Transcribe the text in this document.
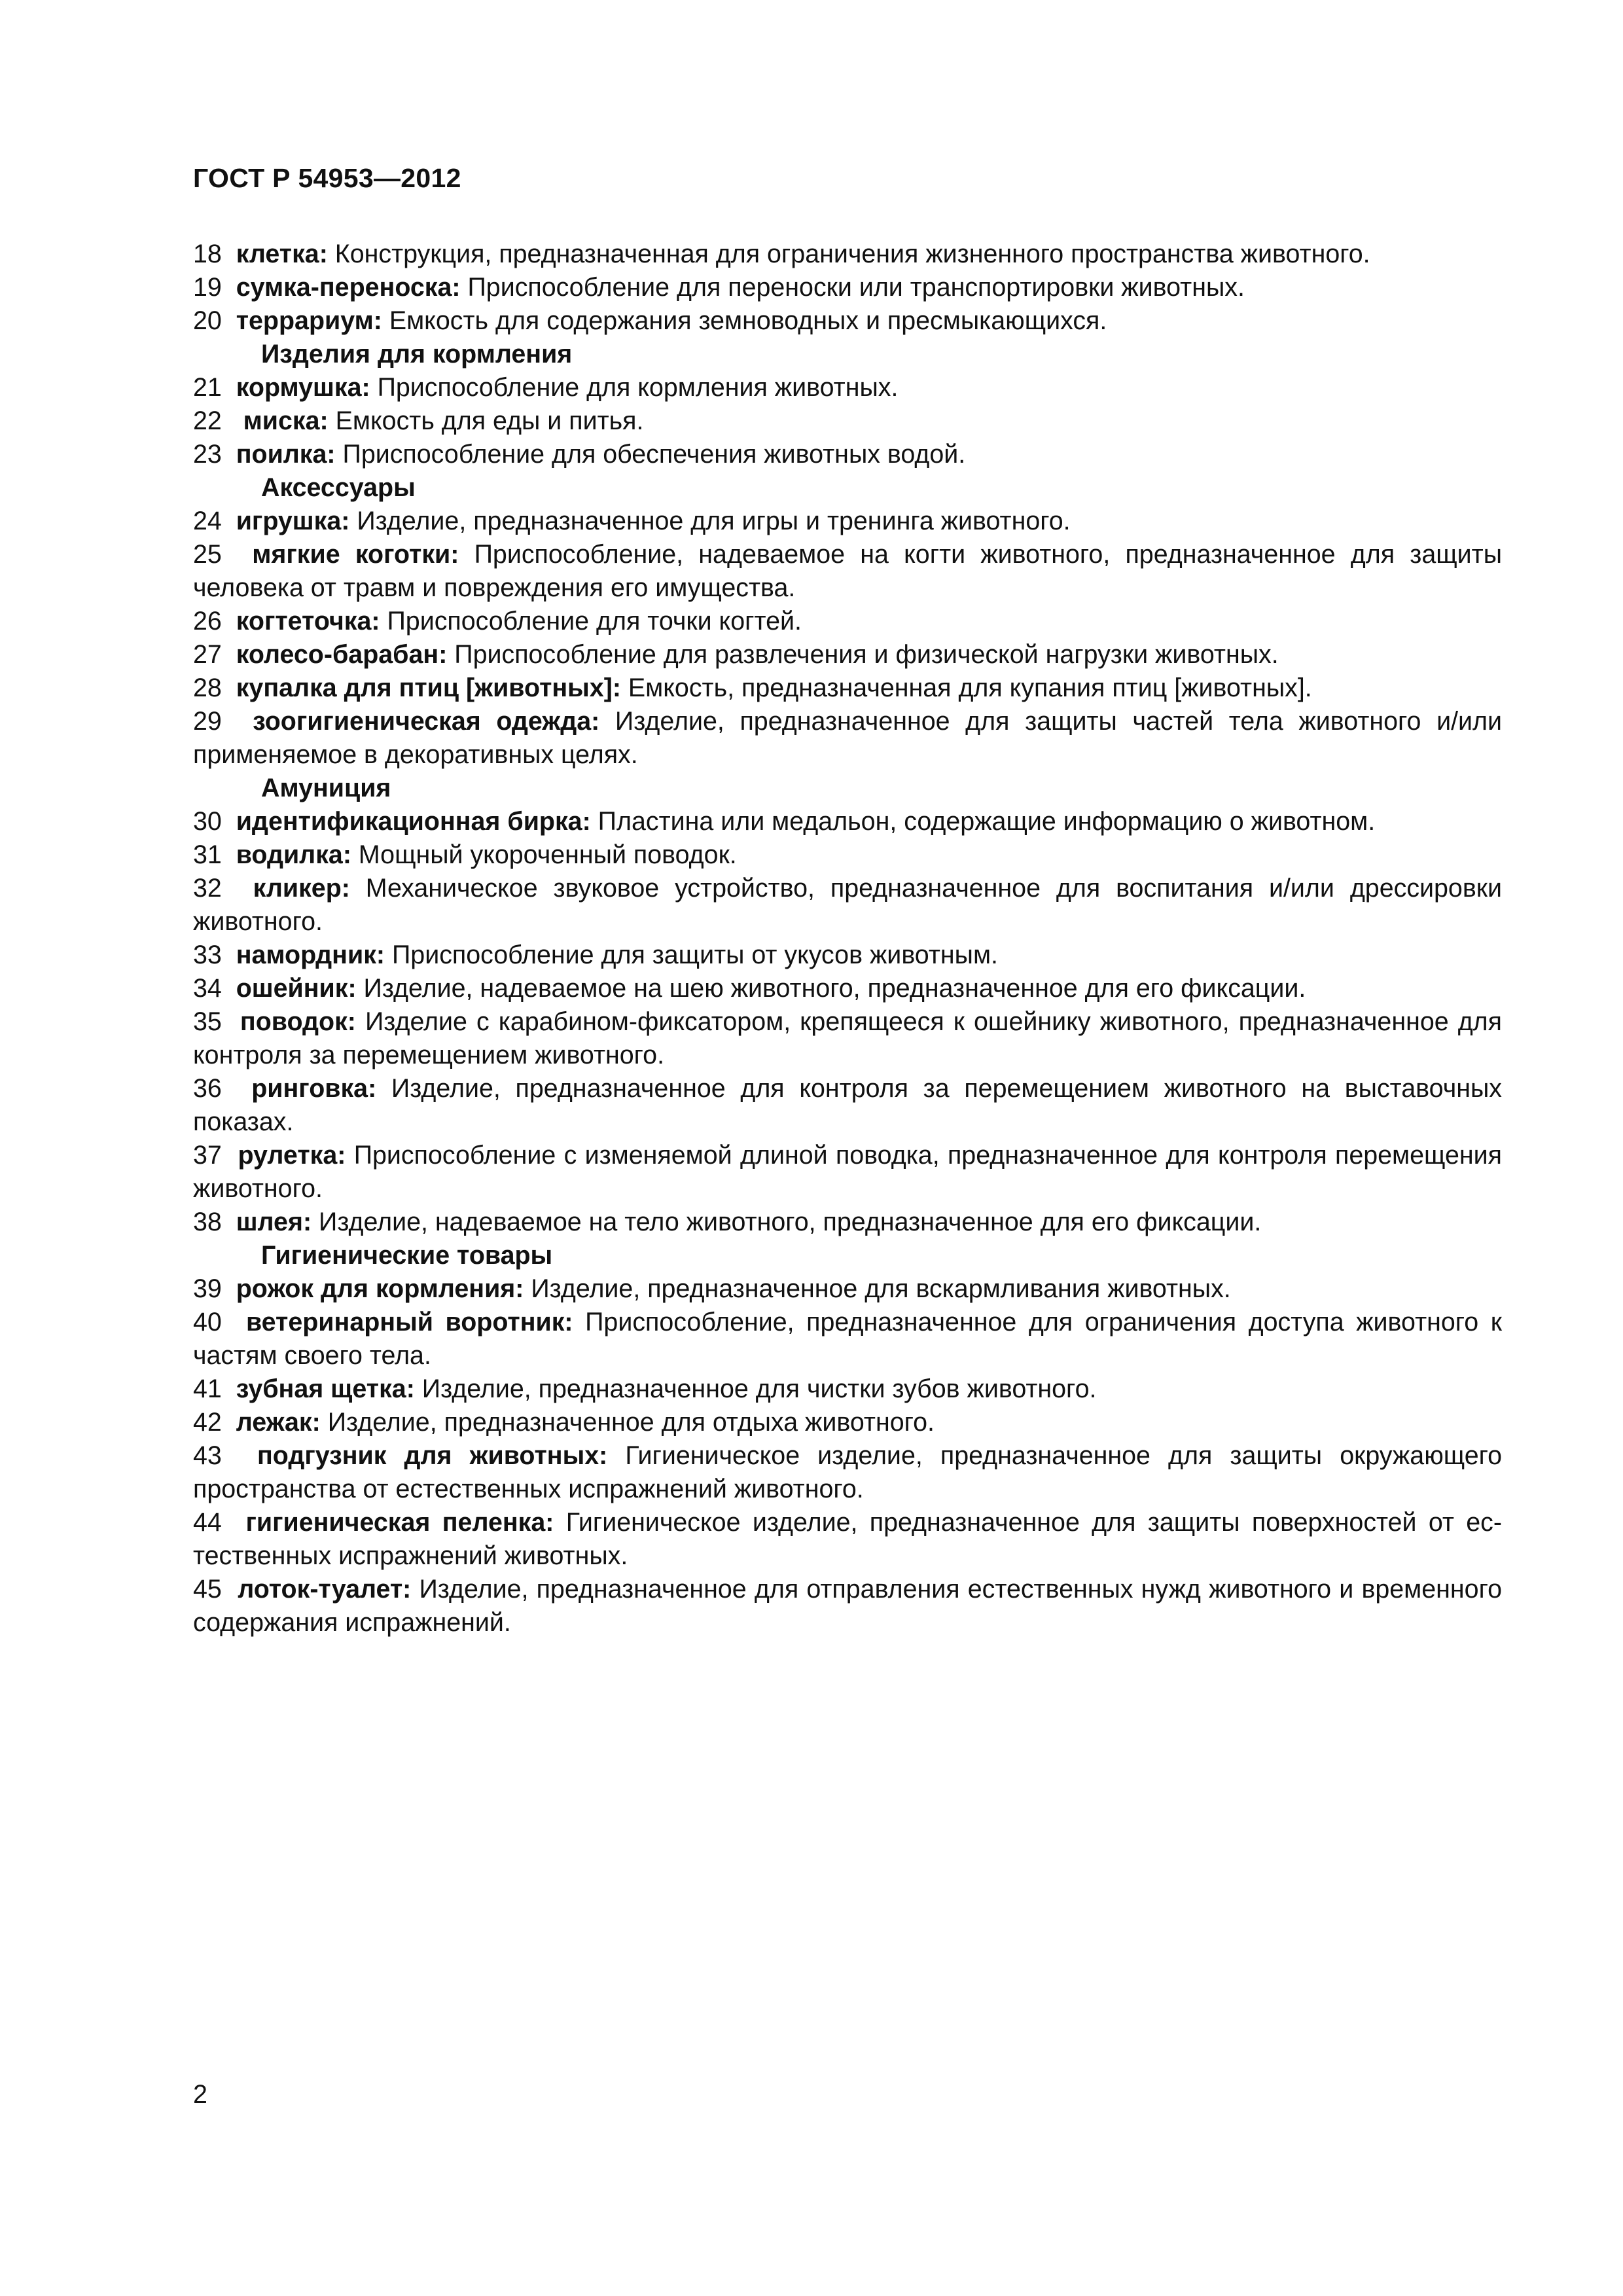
ГОСТ Р 54953—2012

18 клетка: Конструкция, предназначенная для ограничения жизненного пространства животного.

19 сумка-переноска: Приспособление для переноски или транспортировки животных.

20 террариум: Емкость для содержания земноводных и пресмыкающихся.

Изделия для кормления

21 кормушка: Приспособление для кормления животных.

22 миска: Емкость для еды и питья.

23 поилка: Приспособление для обеспечения животных водой.

Аксессуары

24 игрушка: Изделие, предназначенное для игры и тренинга животного.

25 мягкие коготки: Приспособление, надеваемое на когти животного, предназначенное для защиты человека от травм и повреждения его имущества.

26 когтеточка: Приспособление для точки когтей.

27 колесо-барабан: Приспособление для развлечения и физической нагрузки животных.

28 купалка для птиц [животных]: Емкость, предназначенная для купания птиц [животных].

29 зоогигиеническая одежда: Изделие, предназначенное для защиты частей тела животного и/или применяемое в декоративных целях.

Амуниция

30 идентификационная бирка: Пластина или медальон, содержащие информацию о животном.

31 водилка: Мощный укороченный поводок.

32 кликер: Механическое звуковое устройство, предназначенное для воспитания и/или дрессировки животного.

33 намордник: Приспособление для защиты от укусов животным.

34 ошейник: Изделие, надеваемое на шею животного, предназначенное для его фиксации.

35 поводок: Изделие с карабином-фиксатором, крепящееся к ошейнику животного, предназначенное для контроля за перемещением животного.

36 ринговка: Изделие, предназначенное для контроля за перемещением животного на выставочных показах.

37 рулетка: Приспособление с изменяемой длиной поводка, предназначенное для контроля перемещения животного.

38 шлея: Изделие, надеваемое на тело животного, предназначенное для его фиксации.

Гигиенические товары

39 рожок для кормления: Изделие, предназначенное для вскармливания животных.

40 ветеринарный воротник: Приспособление, предназначенное для ограничения доступа животного к частям своего тела.

41 зубная щетка: Изделие, предназначенное для чистки зубов животного.

42 лежак: Изделие, предназначенное для отдыха животного.

43 подгузник для животных: Гигиеническое изделие, предназначенное для защиты окружающего пространства от естественных испражнений животного.

44 гигиеническая пеленка: Гигиеническое изделие, предназначенное для защиты поверхностей от естественных испражнений животных.

45 лоток-туалет: Изделие, предназначенное для отправления естественных нужд животного и временного содержания испражнений.

2
